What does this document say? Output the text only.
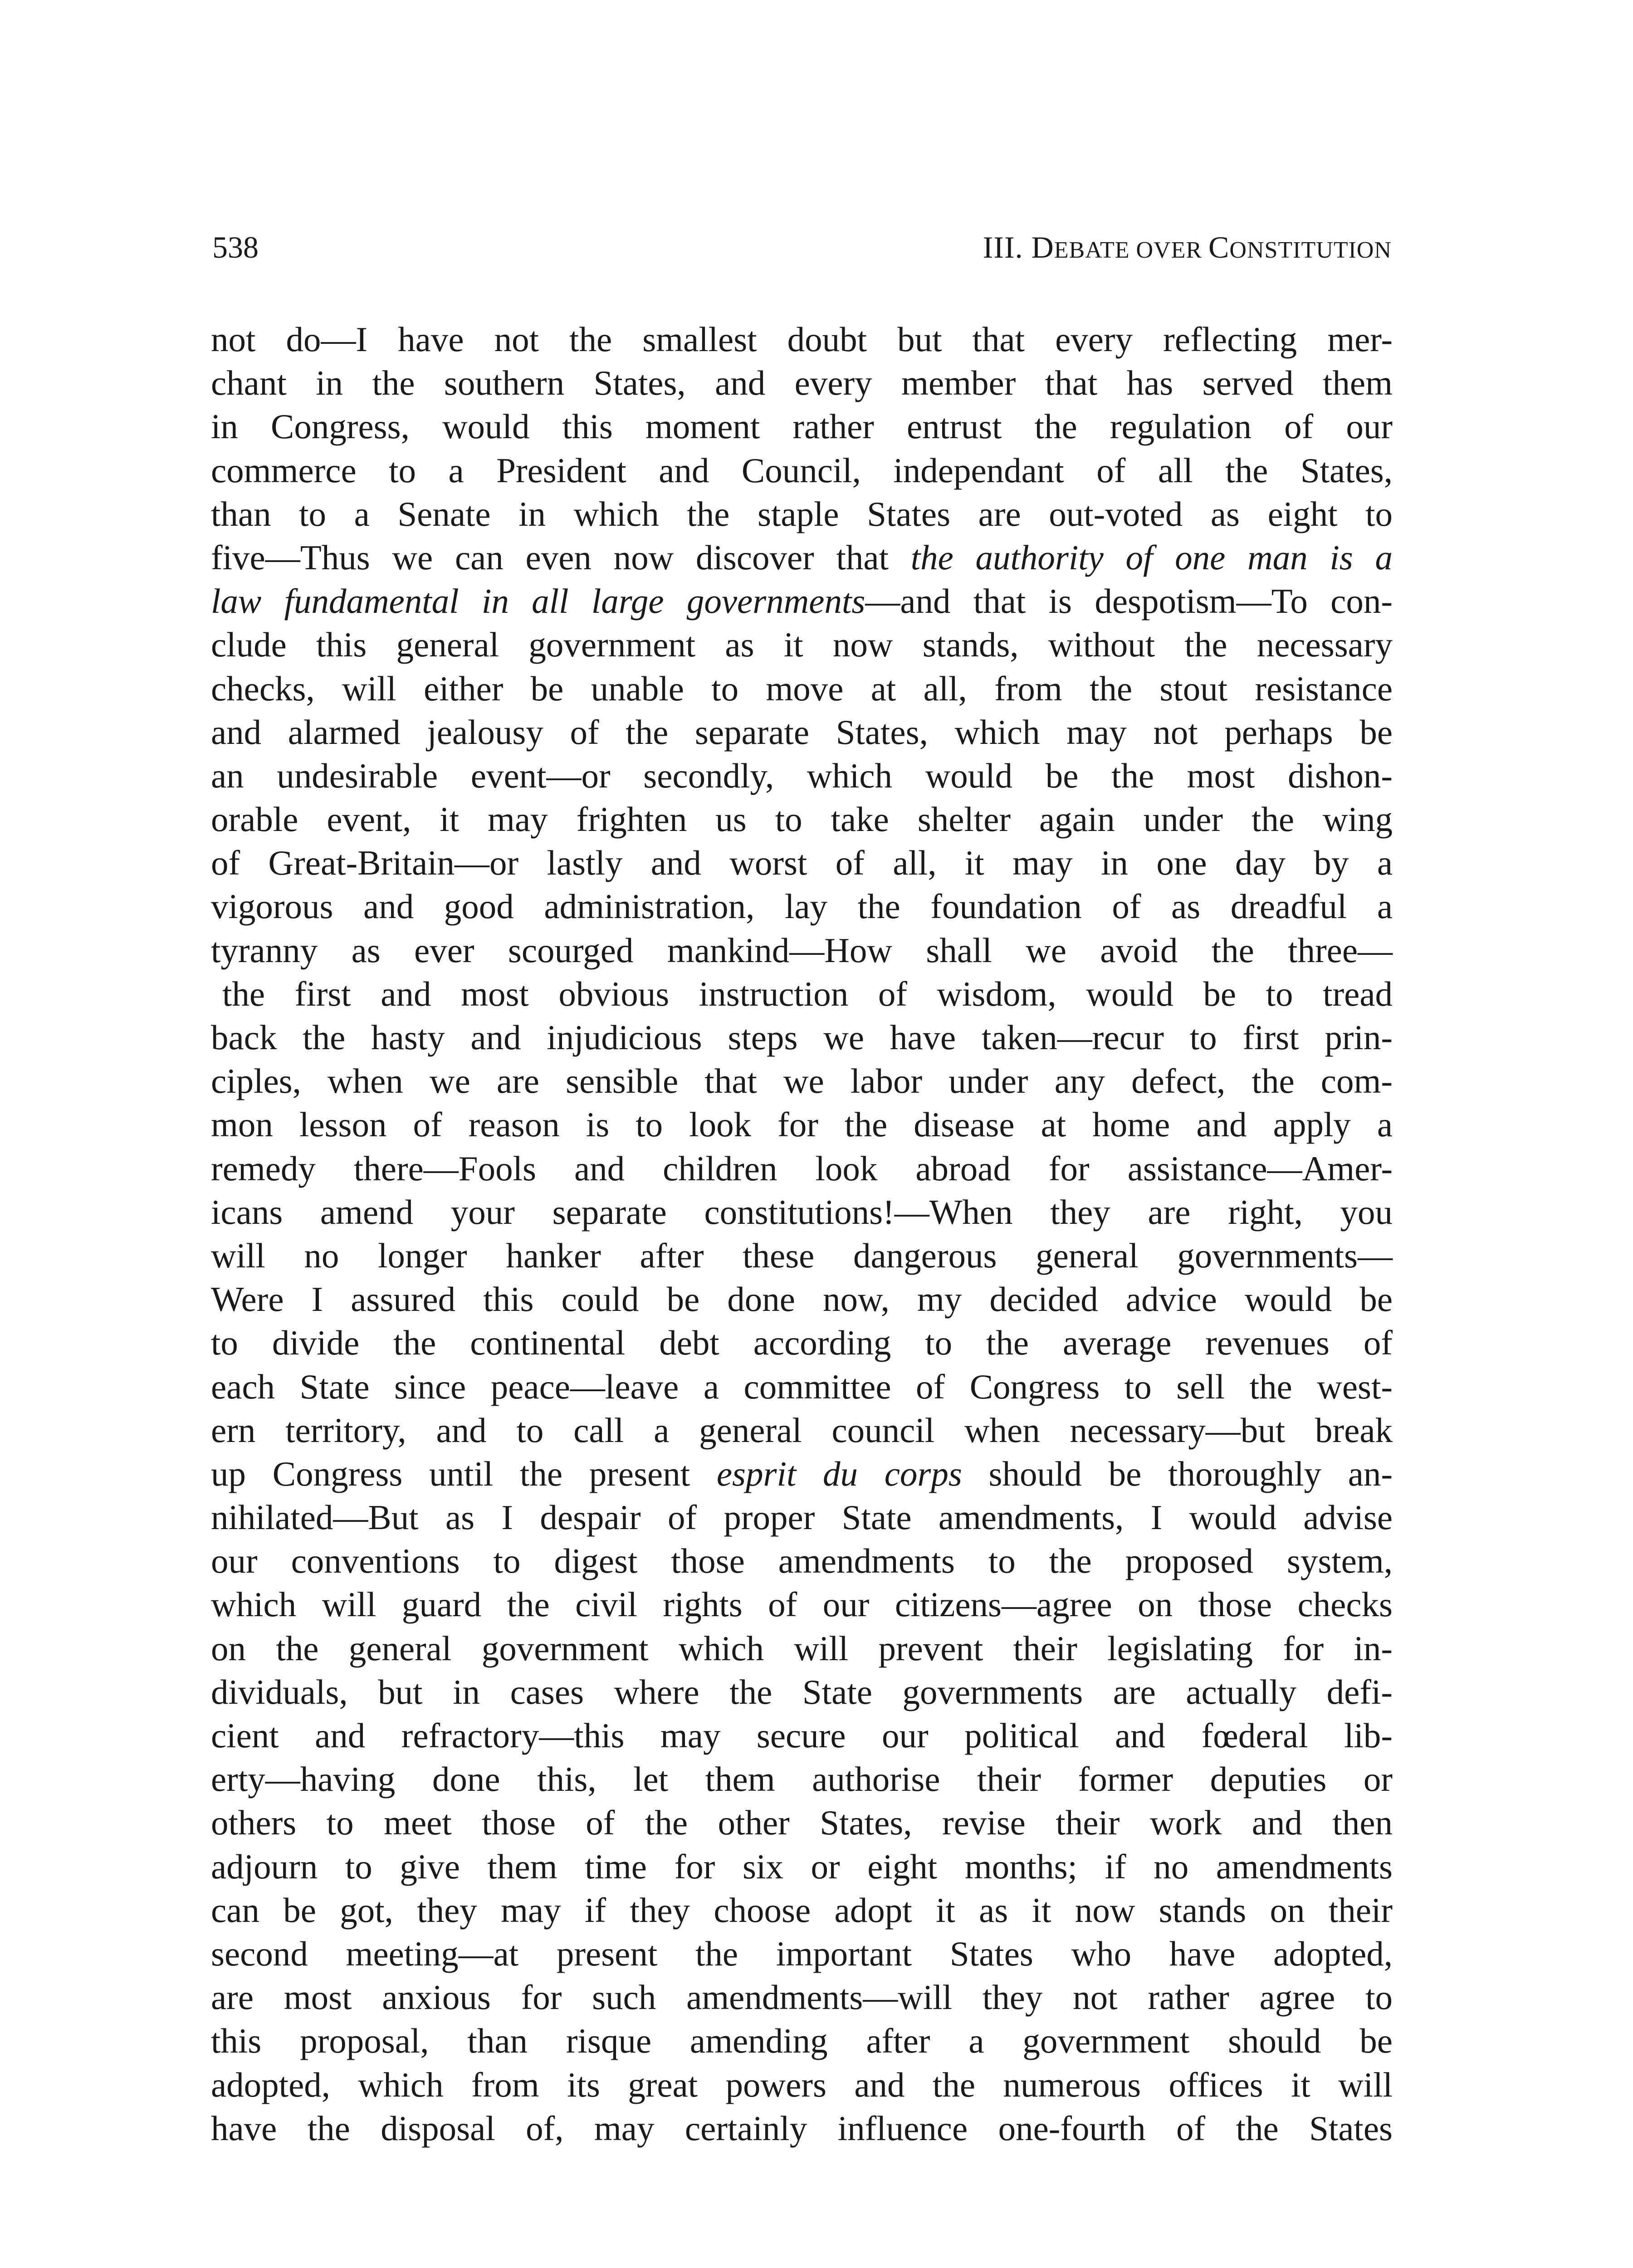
538	III. DEBATE OVER CONSTITUTION
not do—I have not the smallest doubt but that every reflecting mer-
chant in the southern States, and every member that has served them
in Congress, would this moment rather entrust the regulation of our
commerce to a President and Council, independant of all the States,
than to a Senate in which the staple States are out-voted as eight to
five—Thus we can even now discover that the authority of one man is a
law fundamental in all large governments—and that is despotism—To con-
clude this general government as it now stands, without the necessary
checks, will either be unable to move at all, from the stout resistance
and alarmed jealousy of the separate States, which may not perhaps be
an undesirable event—or secondly, which would be the most dishon-
orable event, it may frighten us to take shelter again under the wing
of Great-Britain—or lastly and worst of all, it may in one day by a
vigorous and good administration, lay the foundation of as dreadful a
tyranny as ever scourged mankind—How shall we avoid the three—
the first and most obvious instruction of wisdom, would be to tread
back the hasty and injudicious steps we have taken—recur to first prin-
ciples, when we are sensible that we labor under any defect, the com-
mon lesson of reason is to look for the disease at home and apply a
remedy there—Fools and children look abroad for assistance—Amer-
icans amend your separate constitutions!—When they are right, you
will no longer hanker after these dangerous general governments—
Were I assured this could be done now, my decided advice would be
to divide the continental debt according to the average revenues of
each State since peace—leave a committee of Congress to sell the west-
ern territory, and to call a general council when necessary—but break
up Congress until the present esprit du corps should be thoroughly an-
nihilated—But as I despair of proper State amendments, I would advise
our conventions to digest those amendments to the proposed system,
which will guard the civil rights of our citizens—agree on those checks
on the general government which will prevent their legislating for in-
dividuals, but in cases where the State governments are actually defi-
cient and refractory—this may secure our political and fœderal lib-
erty—having done this, let them authorise their former deputies or
others to meet those of the other States, revise their work and then
adjourn to give them time for six or eight months; if no amendments
can be got, they may if they choose adopt it as it now stands on their
second meeting—at present the important States who have adopted,
are most anxious for such amendments—will they not rather agree to
this proposal, than risque amending after a government should be
adopted, which from its great powers and the numerous offices it will
have the disposal of, may certainly influence one-fourth of the States
